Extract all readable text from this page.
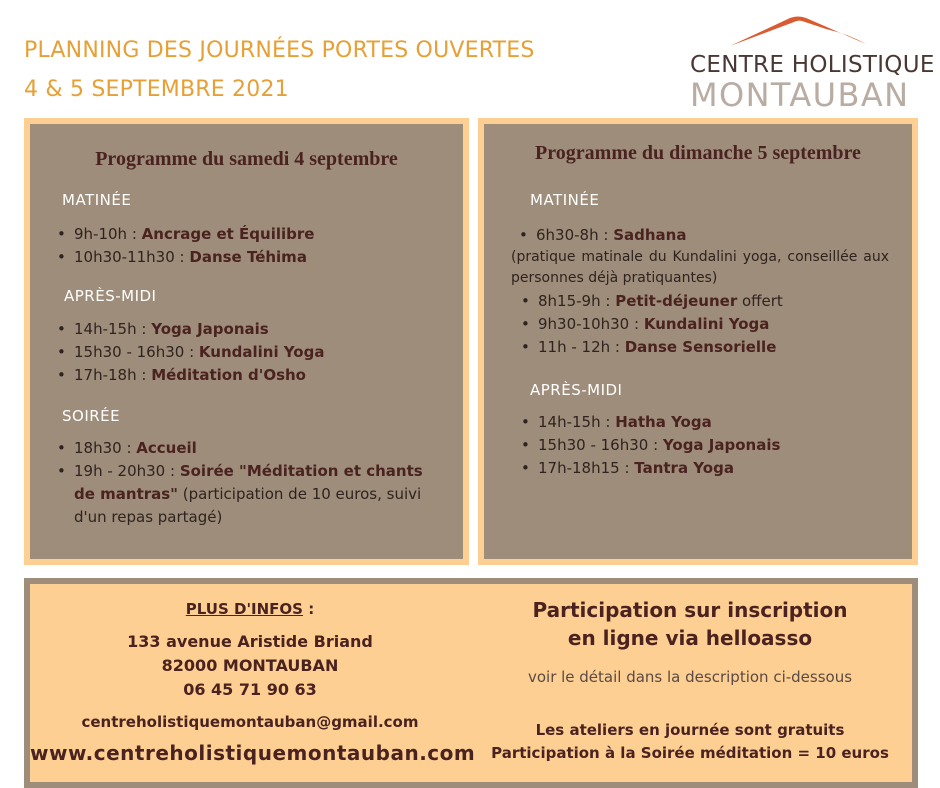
PLANNING DES JOURNÉES PORTES OUVERTES
4 & 5 SEPTEMBRE 2021
CENTRE HOLISTIQUE
MONTAUBAN
Programme du samedi 4 septembre
MATINÉE
• 9h-10h : Ancrage et Équilibre
• 10h30-11h30 : Danse Téhima
APRÈS-MIDI
• 14h-15h : Yoga Japonais
• 15h30 - 16h30 : Kundalini Yoga
• 17h-18h : Méditation d'Osho
SOIRÉE
• 18h30 : Accueil
• 19h - 20h30 : Soirée "Méditation et chants de mantras" (participation de 10 euros, suivi d'un repas partagé)
Programme du dimanche 5 septembre
MATINÉE
• 6h30-8h : Sadhana
(pratique matinale du Kundalini yoga, conseillée aux personnes déjà pratiquantes)
• 8h15-9h : Petit-déjeuner offert
• 9h30-10h30 : Kundalini Yoga
• 11h - 12h : Danse Sensorielle
APRÈS-MIDI
• 14h-15h : Hatha Yoga
• 15h30 - 16h30 : Yoga Japonais
• 17h-18h15 : Tantra Yoga
PLUS D'INFOS :
133 avenue Aristide Briand
82000 MONTAUBAN
06 45 71 90 63
centreholistiquemontauban@gmail.com
www.centreholistiquemontauban.com
Participation sur inscription
en ligne via helloasso
voir le détail dans la description ci-dessous
Les ateliers en journée sont gratuits
Participation à la Soirée méditation = 10 euros
